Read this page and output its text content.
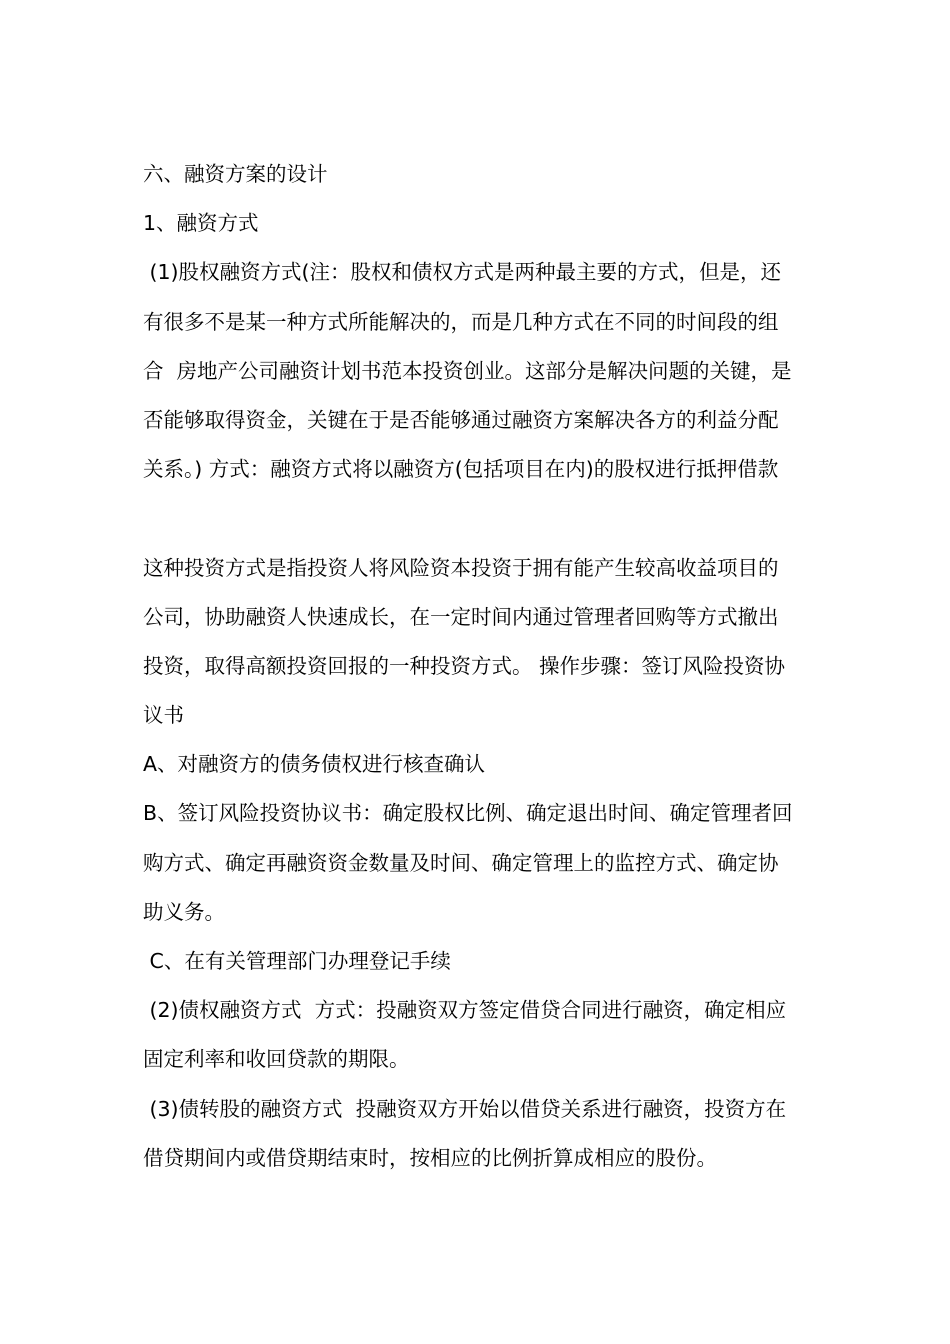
六、融资方案的设计
1、融资方式
(1)股权融资方式(注：股权和债权方式是两种最主要的方式，但是，还
有很多不是某一种方式所能解决的，而是几种方式在不同的时间段的组
合  房地产公司融资计划书范本投资创业。这部分是解决问题的关键，是
否能够取得资金，关键在于是否能够通过融资方案解决各方的利益分配
关系。) 方式：融资方式将以融资方(包括项目在内)的股权进行抵押借款
这种投资方式是指投资人将风险资本投资于拥有能产生较高收益项目的
公司，协助融资人快速成长，在一定时间内通过管理者回购等方式撤出
投资，取得高额投资回报的一种投资方式。 操作步骤：签订风险投资协
议书
A、对融资方的债务债权进行核查确认
B、签订风险投资协议书：确定股权比例、确定退出时间、确定管理者回
购方式、确定再融资资金数量及时间、确定管理上的监控方式、确定协
助义务。
C、在有关管理部门办理登记手续
(2)债权融资方式  方式：投融资双方签定借贷合同进行融资，确定相应
固定利率和收回贷款的期限。
(3)债转股的融资方式  投融资双方开始以借贷关系进行融资，投资方在
借贷期间内或借贷期结束时，按相应的比例折算成相应的股份。
